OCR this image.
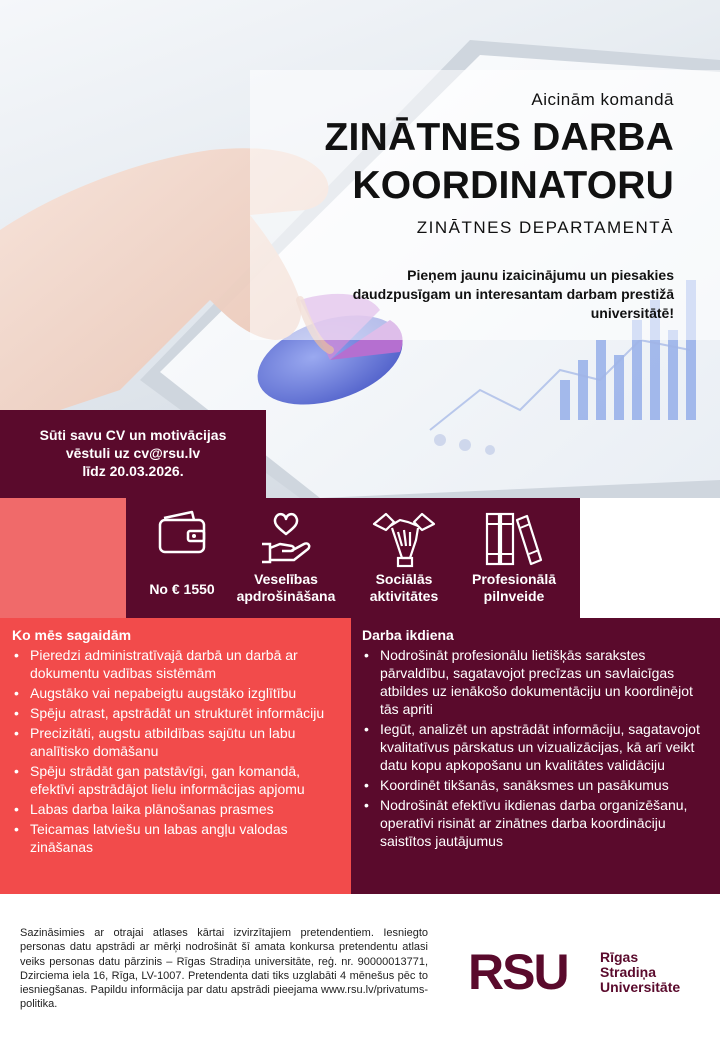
Aicinām komandā
ZINĀTNES DARBA
KOORDINATORU
ZINĀTNES DEPARTAMENTĀ
Pieņem jaunu izaicinājumu un piesakies daudzpusīgam un interesantam darbam prestižā universitātē!
Sūti savu CV un motivācijas
vēstuli uz cv@rsu.lv
līdz 20.03.2026.
No € 1550
Veselības apdrošināšana
Sociālās aktivitātes
Profesionālā pilnveide
Ko mēs sagaidām
• Pieredzi administratīvajā darbā un darbā ar dokumentu vadības sistēmām
• Augstāko vai nepabeigtu augstāko izglītību
• Spēju atrast, apstrādāt un strukturēt informāciju
• Precizitāti, augstu atbildības sajūtu un labu analītisko domāšanu
• Spēju strādāt gan patstāvīgi, gan komandā, efektīvi apstrādājot lielu informācijas apjomu
• Labas darba laika plānošanas prasmes
• Teicamas latviešu un labas angļu valodas zināšanas
Darba ikdiena
• Nodrošināt profesionālu lietišķās sarakstes pārvaldību, sagatavojot precīzas un savlaicīgas atbildes uz ienākošo dokumentāciju un koordinējot tās apriti
• Iegūt, analizēt un apstrādāt informāciju, sagatavojot kvalitatīvus pārskatus un vizualizācijas, kā arī veikt datu kopu apkopošanu un kvalitātes validāciju
• Koordinēt tikšanās, sanāksmes un pasākumus
• Nodrošināt efektīvu ikdienas darba organizēšanu, operatīvi risināt ar zinātnes darba koordināciju saistītos jautājumus

Sazināsimies ar otrajai atlases kārtai izvirzītajiem pretendentiem. Iesniegto personas datu apstrādi ar mērķi nodrošināt šī amata konkursa pretendentu atlasi veiks personas datu pārzinis – Rīgas Stradiņa universitāte, reģ. nr. 90000013771, Dzirciema iela 16, Rīga, LV-1007. Pretendenta dati tiks uzglabāti 4 mēnešus pēc to iesniegšanas. Papildu informācija par datu apstrādi pieejama www.rsu.lv/privatums-politika.

RSU Rīgas
Stradiņa
Universitāte
